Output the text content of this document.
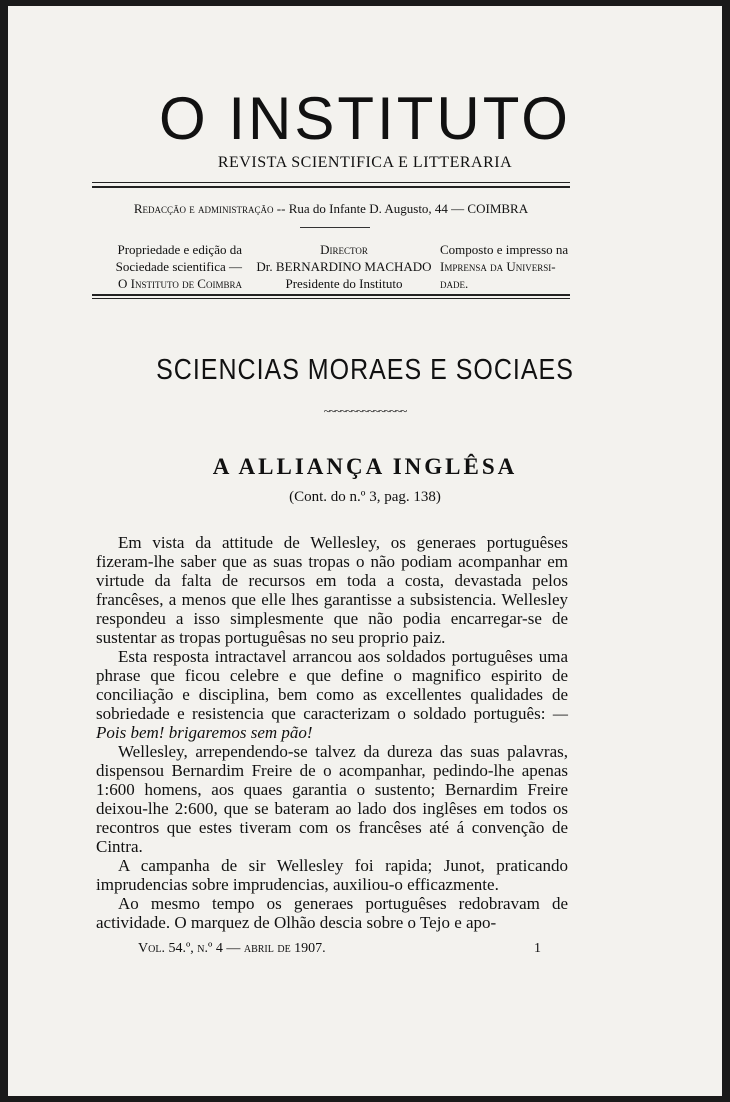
O INSTITUTO
REVISTA SCIENTIFICA E LITTERARIA
Redacção e administração -- Rua do Infante D. Augusto, 44 — COIMBRA
Propriedade e edição da
Sociedade scientifica —
O Instituto de Coimbra
Director
Dr. BERNARDINO MACHADO
Presidente do Instituto
Composto e impresso na
Imprensa da Universi-
dade.
SCIENCIAS MORAES E SOCIAES
~~~~~~~~~~~~~~~
A ALLIANÇA INGLÊSA
(Cont. do n.º 3, pag. 138)

Em vista da attitude de Wellesley, os generaes portuguêses fizeram-lhe saber que as suas tropas o não podiam acompanhar em virtude da falta de recursos em toda a costa, devastada pelos francêses, a menos que elle lhes garantisse a subsistencia. Wellesley respondeu a isso simplesmente que não podia encarregar-se de sustentar as tropas portuguêsas no seu proprio paiz.

Esta resposta intractavel arrancou aos soldados portuguêses uma phrase que ficou celebre e que define o magnifico espirito de conciliação e disciplina, bem como as excellentes qualidades de sobriedade e resistencia que caracterizam o soldado português: — Pois bem! brigaremos sem pão!

Wellesley, arrependendo-se talvez da dureza das suas palavras, dispensou Bernardim Freire de o acompanhar, pedindo-lhe apenas 1:600 homens, aos quaes garantia o sustento; Bernardim Freire deixou-lhe 2:600, que se bateram ao lado dos inglêses em todos os recontros que estes tiveram com os francêses até á convenção de Cintra.

A campanha de sir Wellesley foi rapida; Junot, praticando imprudencias sobre imprudencias, auxiliou-o efficazmente.

Ao mesmo tempo os generaes portuguêses redobravam de actividade. O marquez de Olhão descia sobre o Tejo e apo-

Vol. 54.º, n.º 4 — abril de 1907.	1
